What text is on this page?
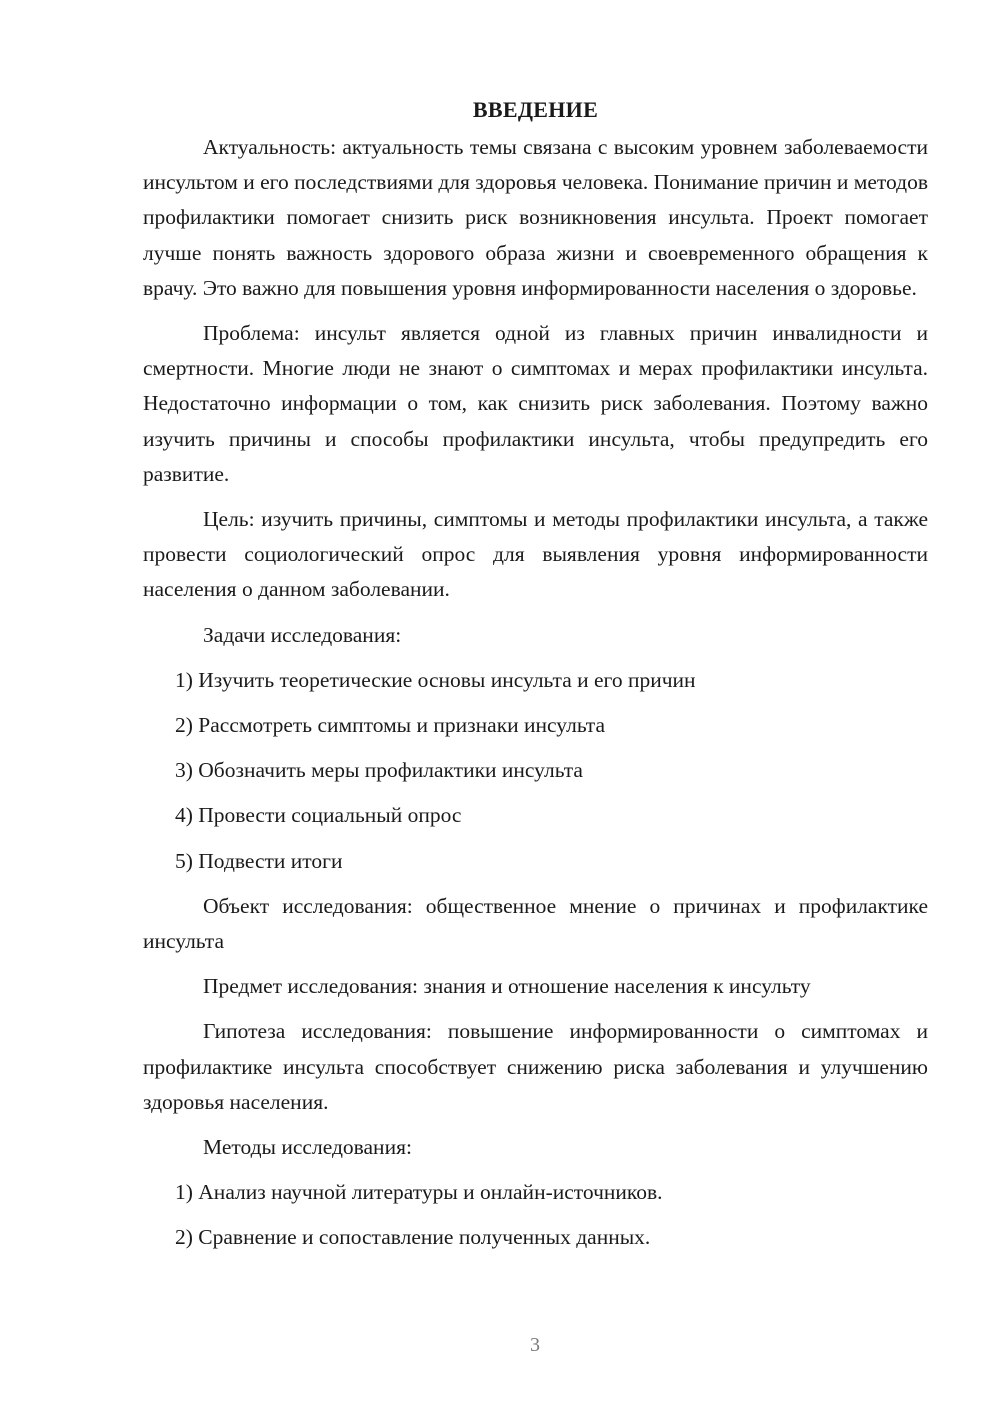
ВВЕДЕНИЕ

Актуальность: актуальность темы связана с высоким уровнем заболеваемости инсультом и его последствиями для здоровья человека. Понимание причин и методов профилактики помогает снизить риск возникновения инсульта. Проект помогает лучше понять важность здорового образа жизни и своевременного обращения к врачу. Это важно для повышения уровня информированности населения о здоровье.

Проблема: инсульт является одной из главных причин инвалидности и смертности. Многие люди не знают о симптомах и мерах профилактики инсульта. Недостаточно информации о том, как снизить риск заболевания. Поэтому важно изучить причины и способы профилактики инсульта, чтобы предупредить его развитие.

Цель: изучить причины, симптомы и методы профилактики инсульта, а также провести социологический опрос для выявления уровня информированности населения о данном заболевании.

Задачи исследования:

1) Изучить теоретические основы инсульта и его причин
2) Рассмотреть симптомы и признаки инсульта
3) Обозначить меры профилактики инсульта
4) Провести социальный опрос
5) Подвести итоги

Объект исследования: общественное мнение о причинах и профилактике инсульта

Предмет исследования: знания и отношение населения к инсульту

Гипотеза исследования: повышение информированности о симптомах и профилактике инсульта способствует снижению риска заболевания и улучшению здоровья населения.

Методы исследования:

1) Анализ научной литературы и онлайн-источников.
2) Сравнение и сопоставление полученных данных.
3
